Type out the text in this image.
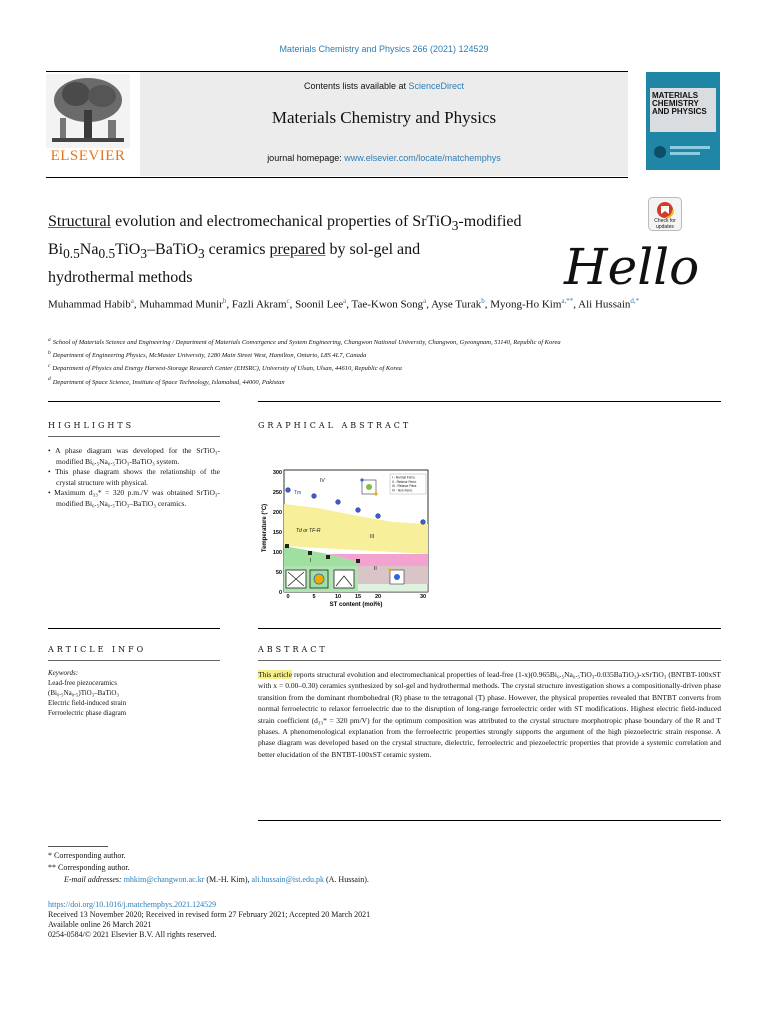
Materials Chemistry and Physics 266 (2021) 124529
ELSEVIER
Contents lists available at ScienceDirect
Materials Chemistry and Physics
journal homepage: www.elsevier.com/locate/matchemphys
MATERIALS CHEMISTRY AND PHYSICS
Check for updates
Structural evolution and electromechanical properties of SrTiO$_3$-modified
$Bi_{0.5}Na_{0.5}TiO_3-BaTiO_3$ ceramics prepared by sol-gel and
hydrothermal methods	Hello
Muhammad Habib$^a$, Muhammad Munir$^b$, Fazli Akram$^c$, Soonil Lee$^a$, Tae-Kwon Song$^a$, Ayse Turak$^b$, Myong-Ho Kim$^{a,**}$, Ali Hussain$^{d,*}$
$^a$ School of Materials Science and Engineering / Department of Materials Convergence and System Engineering, Changwon National University, Changwon, Gyeongnam, 51140, Republic of Korea
$^b$ Department of Engineering Physics, McMaster University, 1280 Main Street West, Hamilton, Ontario, L8S 4L7, Canada
$^c$ Department of Physics and Energy Harvest-Storage Research Center (EHSRC), University of Ulsan, Ulsan, 44610, Republic of Korea
$^d$ Department of Space Science, Institute of Space Technology, Islamabad, 44000, Pakistan
HIGHLIGHTS	GRAPHICAL ABSTRACT
• A phase diagram was developed for the SrTiO₃-modified Bi₀.₅Na₀.₅TiO₃-BaTiO₃ system.
• This phase diagram shows the relationship of the crystal structure with physical.
• Maximum d₃₃* = 320 p.m./V was obtained SrTiO₃-modified Bi₀.₅Na₀.₅TiO₃–BaTiO₃ ceramics.
Temperature (°C)
I - Normal Ferro.
II - Relaxor Ferro.
III - Relaxor Para.
IV - Non Ferro.
IV
III
I
II
Tm
Td or TF-R
300
250
200
150
100
50
0
0	5	10	15	20	30
ST content (mol%)
ARTICLE INFO	ABSTRACT
Keywords:
Lead-free piezoceramics
(Bi₀.₅Na₀.₅)TiO₃–BaTiO₃
Electric field-induced strain
Ferroelectric phase diagram
This article reports structural evolution and electromechanical properties of lead-free (1-x)(0.965Bi₀.₅Na₀.₅TiO₃-0.035BaTiO₃)-xSrTiO₃ (BNTBT-100xST with x = 0.00–0.30) ceramics synthesized by sol-gel and hydrothermal methods. The crystal structure investigation shows a compositionally-driven phase transition from the dominant rhombohedral (R) phase to the tetragonal (T) phase. However, the physical properties revealed that BNTBT converts from normal ferroelectric to relaxor ferroelectric due to the disruption of long-range ferroelectric order with ST modifications. Highest electric field-induced strain coefficient (d₃₃* = 320 pm/V) for the optimum composition was attributed to the crystal structure morphotropic phase boundary of the R and T phases. A phenomenological explanation from the ferroelectric properties strongly supports the argument of the high piezoelectric strain response. A phase diagram was developed based on the crystal structure, dielectric, ferroelectric and piezoelectric properties that provide a systemic correlation and better elucidation of the BNTBT-100xST ceramic system.
* Corresponding author.
** Corresponding author.
E-mail addresses: mhkim@changwon.ac.kr (M.-H. Kim), ali.hussain@ist.edu.pk (A. Hussain).
https://doi.org/10.1016/j.matchemphys.2021.124529
Received 13 November 2020; Received in revised form 27 February 2021; Accepted 20 March 2021
Available online 26 March 2021
0254-0584/© 2021 Elsevier B.V. All rights reserved.
